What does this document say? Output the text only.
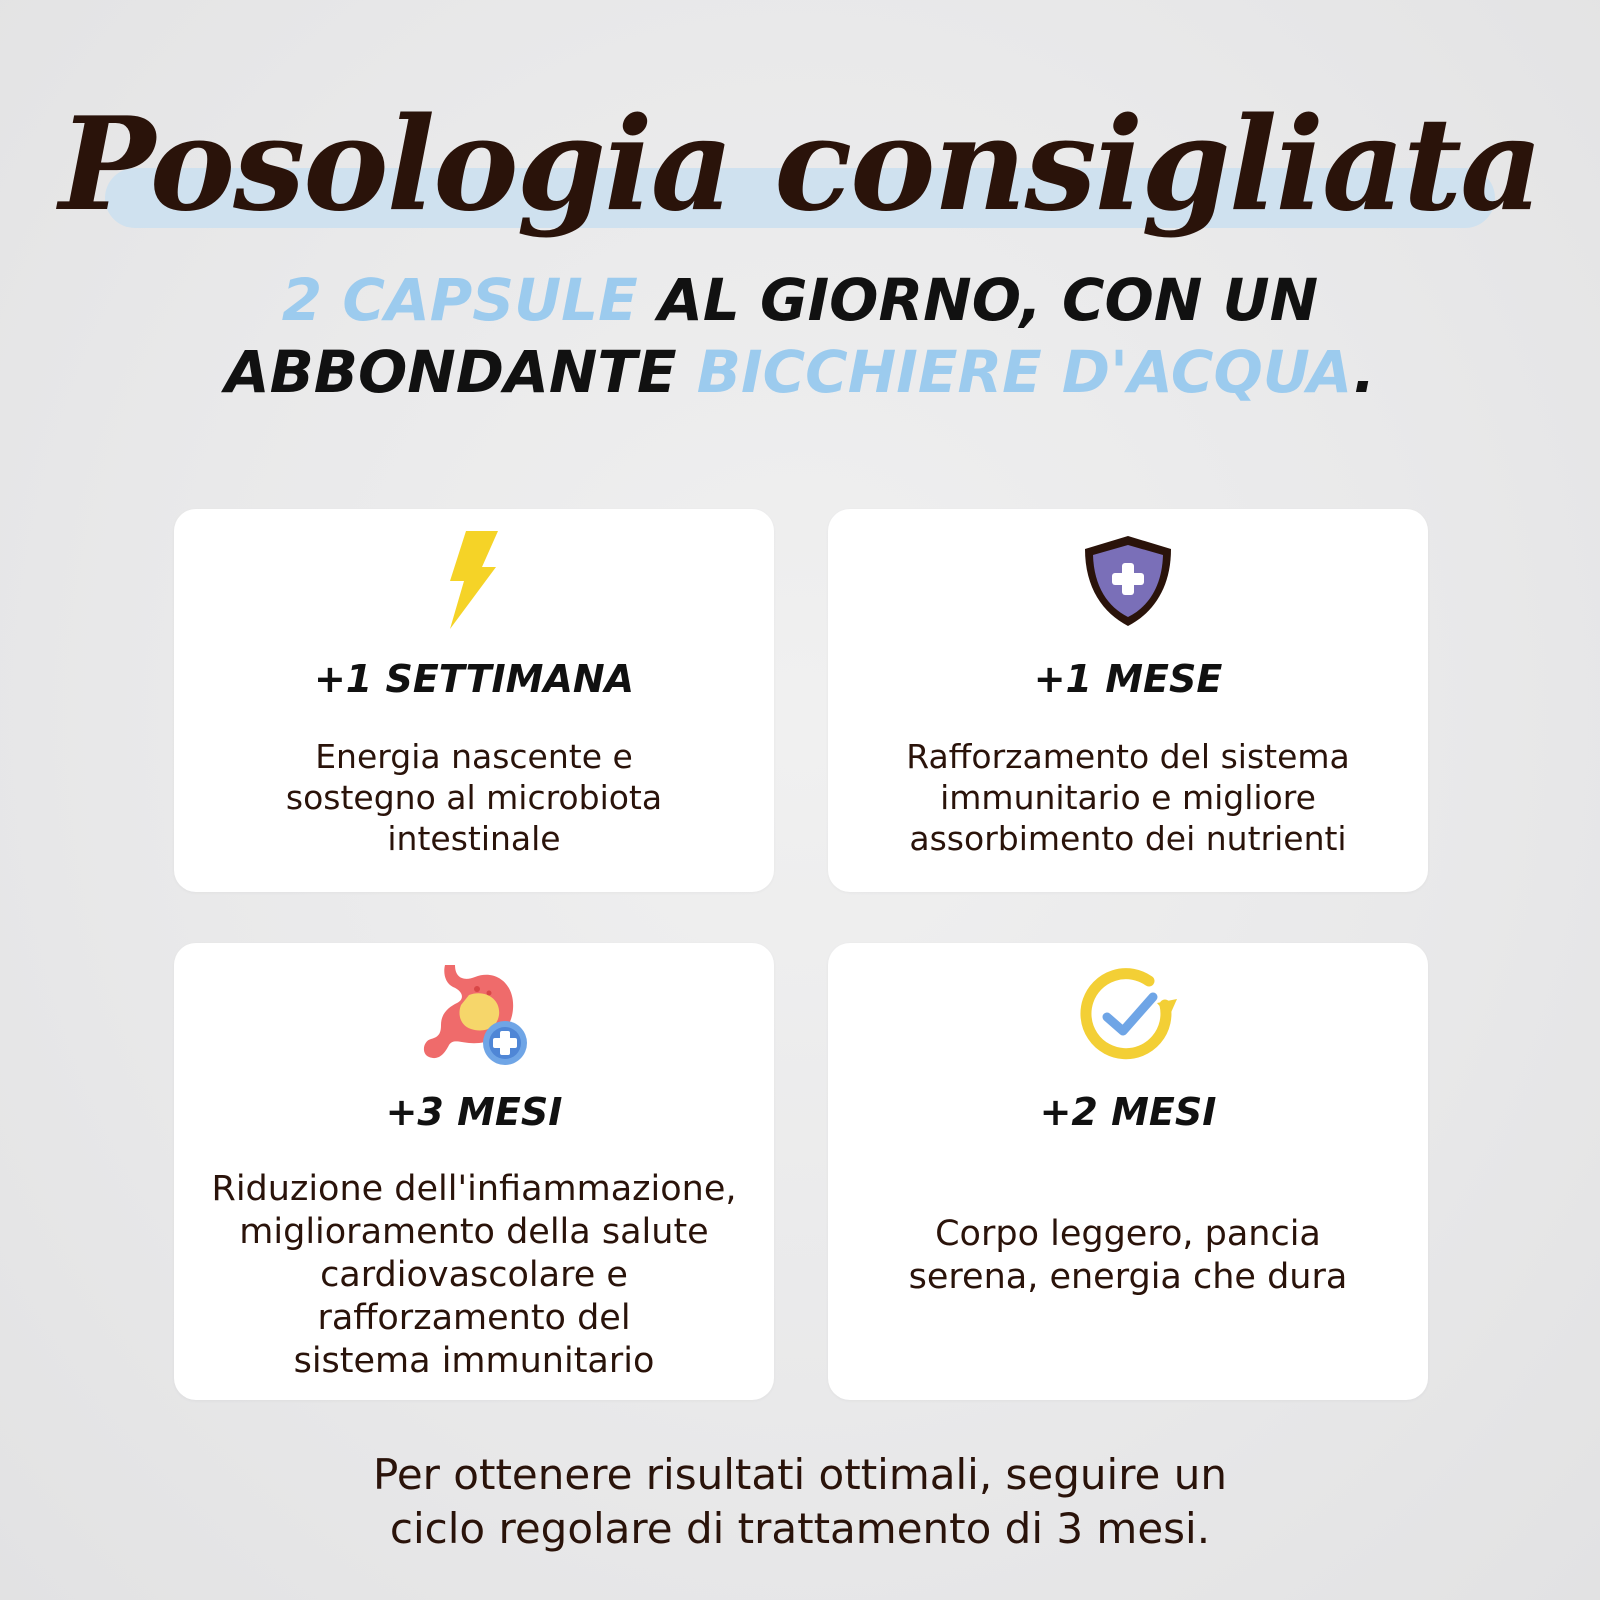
Posologia consigliata
2 CAPSULE AL GIORNO, CON UN
ABBONDANTE BICCHIERE D'ACQUA.
+1 SETTIMANA
Energia nascente e
sostegno al microbiota
intestinale
+1 MESE
Rafforzamento del sistema
immunitario e migliore
assorbimento dei nutrienti
+3 MESI
Riduzione dell'infiammazione,
miglioramento della salute
cardiovascolare e
rafforzamento del
sistema immunitario
+2 MESI
Corpo leggero, pancia
serena, energia che dura
Per ottenere risultati ottimali, seguire un
ciclo regolare di trattamento di 3 mesi.
